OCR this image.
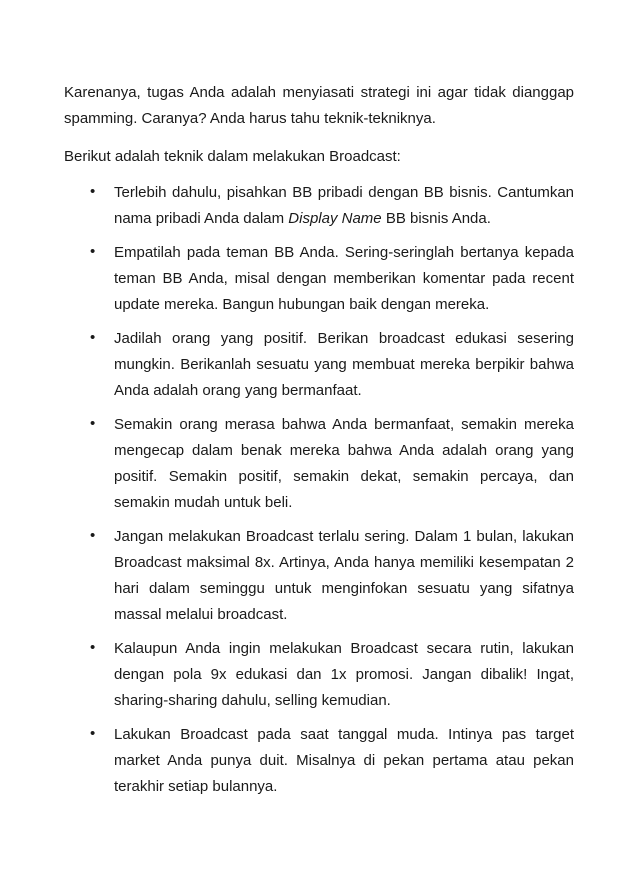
Karenanya, tugas Anda adalah menyiasati strategi ini agar tidak dianggap spamming. Caranya? Anda harus tahu teknik-tekniknya.

Berikut adalah teknik dalam melakukan Broadcast:

• Terlebih dahulu, pisahkan BB pribadi dengan BB bisnis. Cantumkan nama pribadi Anda dalam Display Name BB bisnis Anda.
• Empatilah pada teman BB Anda. Sering-seringlah bertanya kepada teman BB Anda, misal dengan memberikan komentar pada recent update mereka. Bangun hubungan baik dengan mereka.
• Jadilah orang yang positif. Berikan broadcast edukasi sesering mungkin. Berikanlah sesuatu yang membuat mereka berpikir bahwa Anda adalah orang yang bermanfaat.
• Semakin orang merasa bahwa Anda bermanfaat, semakin mereka mengecap dalam benak mereka bahwa Anda adalah orang yang positif. Semakin positif, semakin dekat, semakin percaya, dan semakin mudah untuk beli.
• Jangan melakukan Broadcast terlalu sering. Dalam 1 bulan, lakukan Broadcast maksimal 8x. Artinya, Anda hanya memiliki kesempatan 2 hari dalam seminggu untuk menginfokan sesuatu yang sifatnya massal melalui broadcast.
• Kalaupun Anda ingin melakukan Broadcast secara rutin, lakukan dengan pola 9x edukasi dan 1x promosi. Jangan dibalik! Ingat, sharing-sharing dahulu, selling kemudian.
• Lakukan Broadcast pada saat tanggal muda. Intinya pas target market Anda punya duit. Misalnya di pekan pertama atau pekan terakhir setiap bulannya.
